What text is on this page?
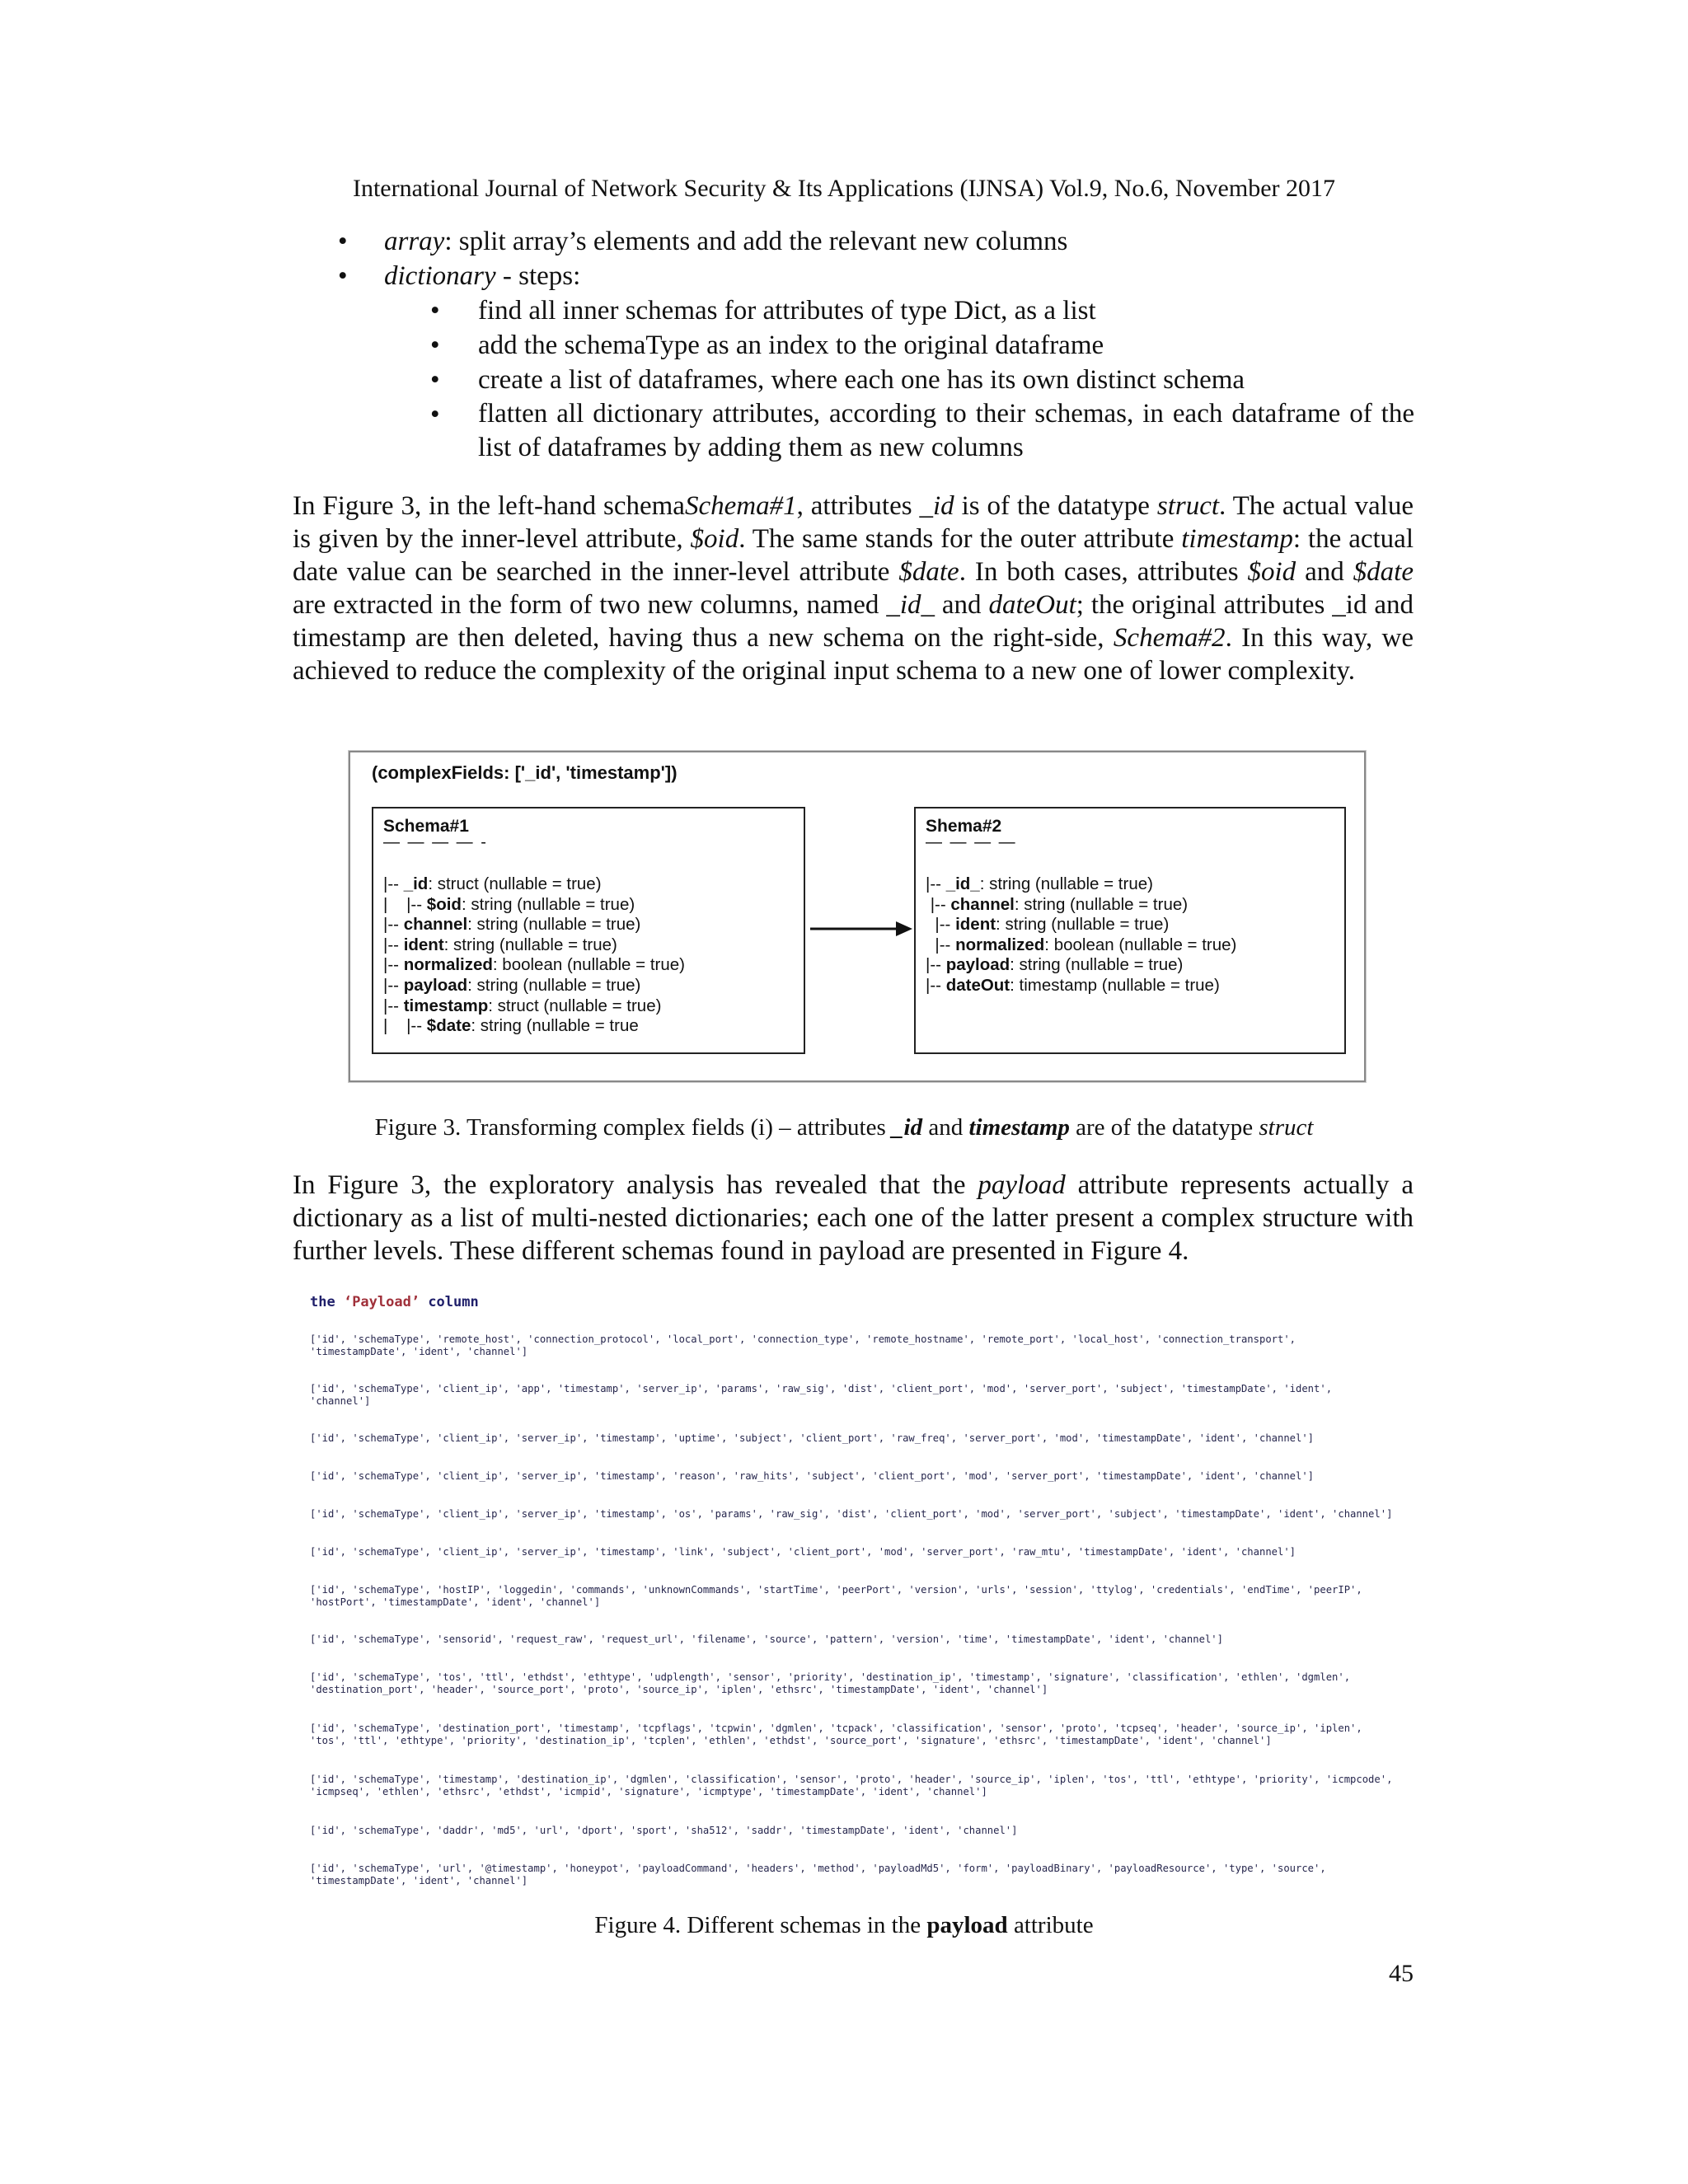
International Journal of Network Security & Its Applications (IJNSA) Vol.9, No.6, November 2017
• array: split array’s elements and add the relevant new columns
• dictionary - steps:
• find all inner schemas for attributes of type Dict, as a list
• add the schemaType as an index to the original dataframe
• create a list of dataframes, where each one has its own distinct schema
• flatten all dictionary attributes, according to their schemas, in each dataframe of the list of dataframes by adding them as new columns

In Figure 3, in the left-hand schemaSchema#1, attributes _id is of the datatype struct. The actual value is given by the inner-level attribute, $oid. The same stands for the outer attribute timestamp: the actual date value can be searched in the inner-level attribute $date. In both cases, attributes $oid and $date are extracted in the form of two new columns, named _id_ and dateOut; the original attributes _id and timestamp are then deleted, having thus a new schema on the right-side, Schema#2. In this way, we achieved to reduce the complexity of the original input schema to a new one of lower complexity.

(complexFields: ['_id', 'timestamp'])
Schema#1
— — — — -
|-- _id: struct (nullable = true)
|    |-- $oid: string (nullable = true)
|-- channel: string (nullable = true)
|-- ident: string (nullable = true)
|-- normalized: boolean (nullable = true)
|-- payload: string (nullable = true)
|-- timestamp: struct (nullable = true)
|    |-- $date: string (nullable = true
Shema#2
— — — —
|-- _id_: string (nullable = true)
|-- channel: string (nullable = true)
|-- ident: string (nullable = true)
|-- normalized: boolean (nullable = true)
|-- payload: string (nullable = true)
|-- dateOut: timestamp (nullable = true)
Figure 3. Transforming complex fields (i) – attributes _id and timestamp are of the datatype struct

In Figure 3, the exploratory analysis has revealed that the payload attribute represents actually a dictionary as a list of multi-nested dictionaries; each one of the latter present a complex structure with further levels. These different schemas found in payload are presented in Figure 4.

the ‘Payload’ column
['id', 'schemaType', 'remote_host', 'connection_protocol', 'local_port', 'connection_type', 'remote_hostname', 'remote_port', 'local_host', 'connection_transport',
'timestampDate', 'ident', 'channel']
['id', 'schemaType', 'client_ip', 'app', 'timestamp', 'server_ip', 'params', 'raw_sig', 'dist', 'client_port', 'mod', 'server_port', 'subject', 'timestampDate', 'ident',
'channel']
['id', 'schemaType', 'client_ip', 'server_ip', 'timestamp', 'uptime', 'subject', 'client_port', 'raw_freq', 'server_port', 'mod', 'timestampDate', 'ident', 'channel']
['id', 'schemaType', 'client_ip', 'server_ip', 'timestamp', 'reason', 'raw_hits', 'subject', 'client_port', 'mod', 'server_port', 'timestampDate', 'ident', 'channel']
['id', 'schemaType', 'client_ip', 'server_ip', 'timestamp', 'os', 'params', 'raw_sig', 'dist', 'client_port', 'mod', 'server_port', 'subject', 'timestampDate', 'ident', 'channel']
['id', 'schemaType', 'client_ip', 'server_ip', 'timestamp', 'link', 'subject', 'client_port', 'mod', 'server_port', 'raw_mtu', 'timestampDate', 'ident', 'channel']
['id', 'schemaType', 'hostIP', 'loggedin', 'commands', 'unknownCommands', 'startTime', 'peerPort', 'version', 'urls', 'session', 'ttylog', 'credentials', 'endTime', 'peerIP',
'hostPort', 'timestampDate', 'ident', 'channel']
['id', 'schemaType', 'sensorid', 'request_raw', 'request_url', 'filename', 'source', 'pattern', 'version', 'time', 'timestampDate', 'ident', 'channel']
['id', 'schemaType', 'tos', 'ttl', 'ethdst', 'ethtype', 'udplength', 'sensor', 'priority', 'destination_ip', 'timestamp', 'signature', 'classification', 'ethlen', 'dgmlen',
'destination_port', 'header', 'source_port', 'proto', 'source_ip', 'iplen', 'ethsrc', 'timestampDate', 'ident', 'channel']
['id', 'schemaType', 'destination_port', 'timestamp', 'tcpflags', 'tcpwin', 'dgmlen', 'tcpack', 'classification', 'sensor', 'proto', 'tcpseq', 'header', 'source_ip', 'iplen',
'tos', 'ttl', 'ethtype', 'priority', 'destination_ip', 'tcplen', 'ethlen', 'ethdst', 'source_port', 'signature', 'ethsrc', 'timestampDate', 'ident', 'channel']
['id', 'schemaType', 'timestamp', 'destination_ip', 'dgmlen', 'classification', 'sensor', 'proto', 'header', 'source_ip', 'iplen', 'tos', 'ttl', 'ethtype', 'priority', 'icmpcode',
'icmpseq', 'ethlen', 'ethsrc', 'ethdst', 'icmpid', 'signature', 'icmptype', 'timestampDate', 'ident', 'channel']
['id', 'schemaType', 'daddr', 'md5', 'url', 'dport', 'sport', 'sha512', 'saddr', 'timestampDate', 'ident', 'channel']
['id', 'schemaType', 'url', '@timestamp', 'honeypot', 'payloadCommand', 'headers', 'method', 'payloadMd5', 'form', 'payloadBinary', 'payloadResource', 'type', 'source',
'timestampDate', 'ident', 'channel']
Figure 4. Different schemas in the payload attribute
45
